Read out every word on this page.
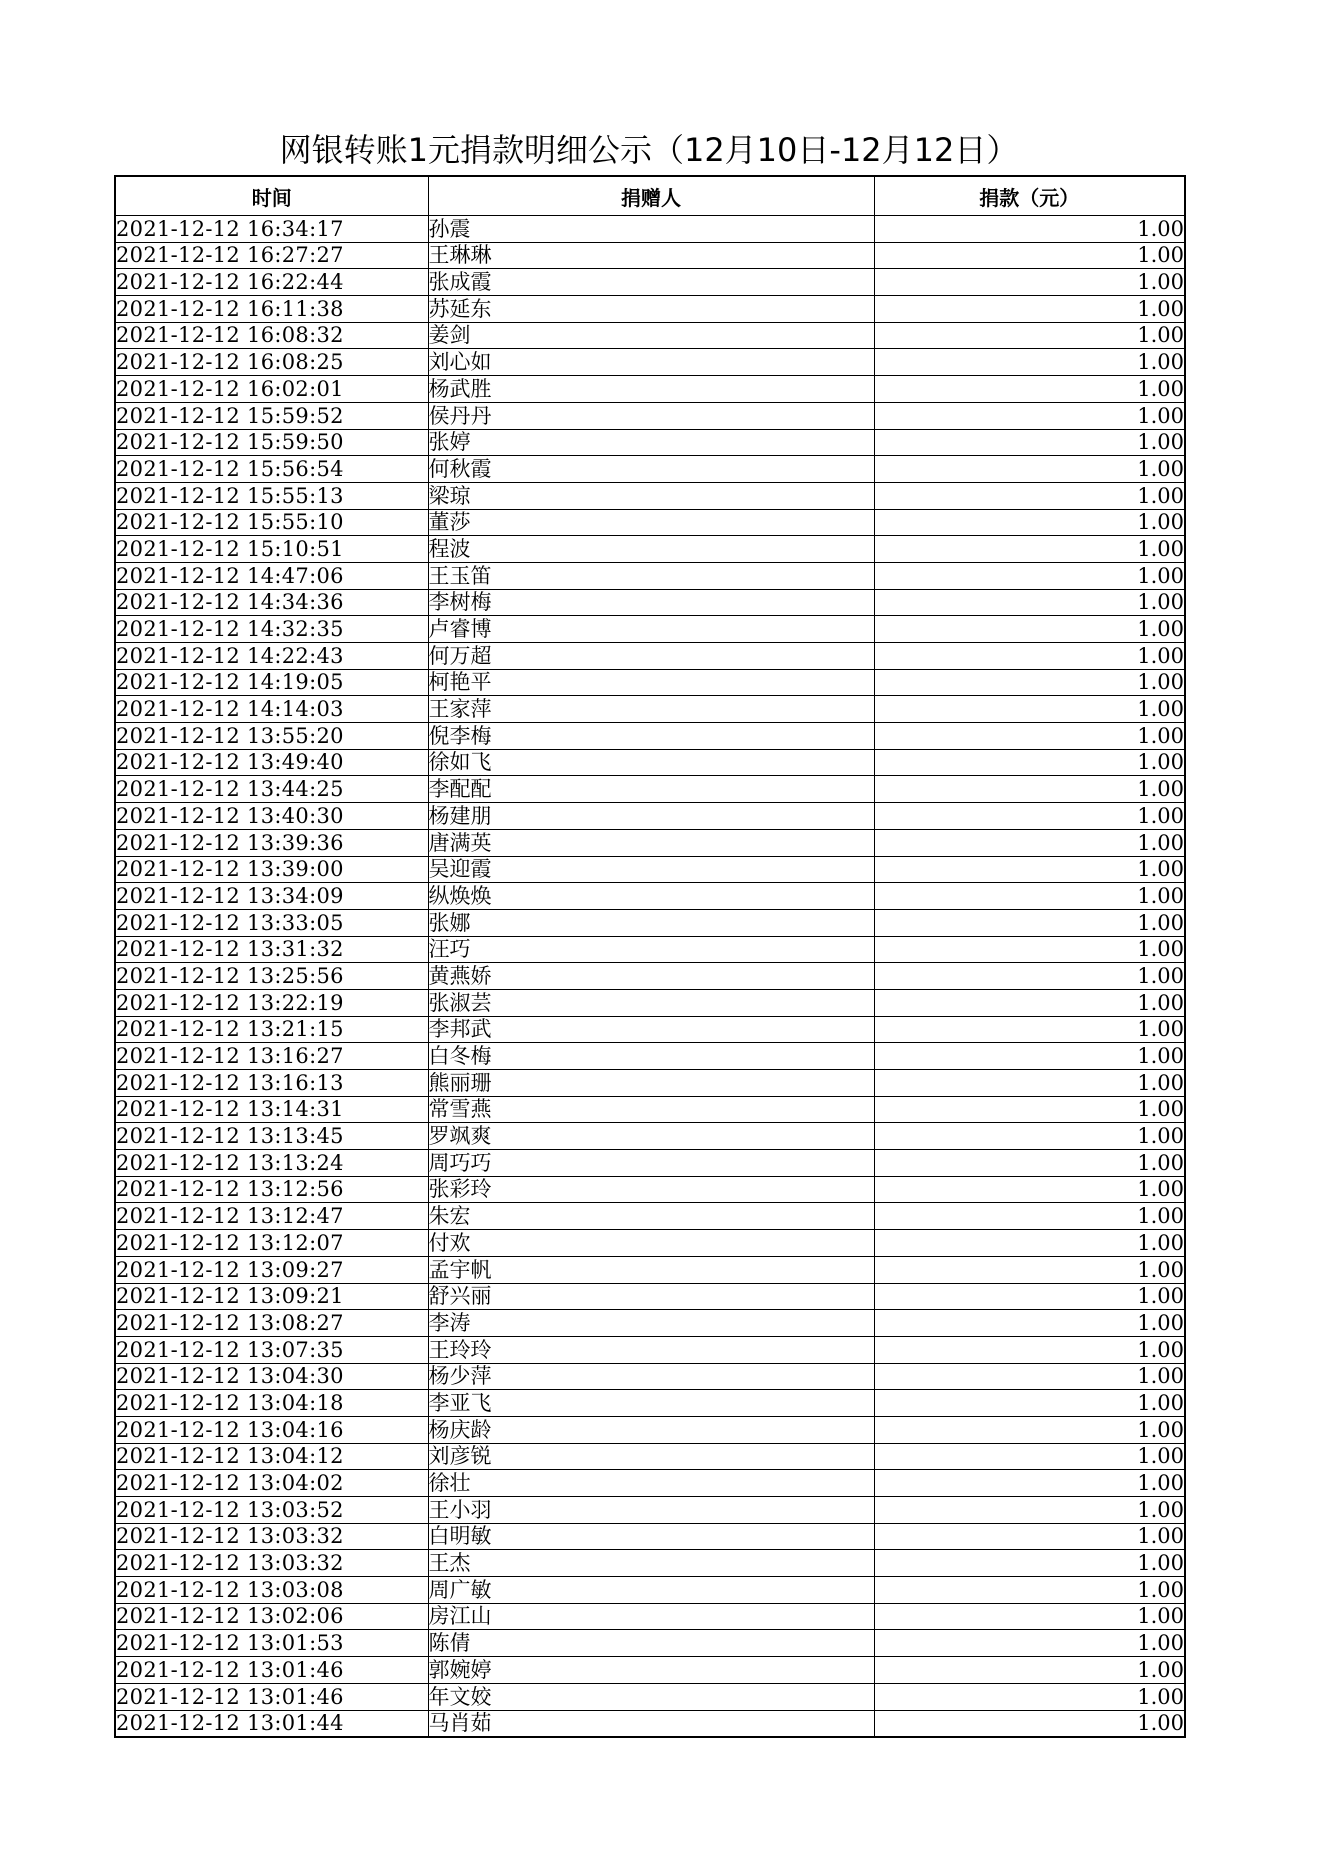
网银转账1元捐款明细公示（12月10日-12月12日）
时间	捐赠人	捐款（元）
2021-12-12 16:34:17	孙震	1.00
2021-12-12 16:27:27	王琳琳	1.00
2021-12-12 16:22:44	张成霞	1.00
2021-12-12 16:11:38	苏延东	1.00
2021-12-12 16:08:32	姜剑	1.00
2021-12-12 16:08:25	刘心如	1.00
2021-12-12 16:02:01	杨武胜	1.00
2021-12-12 15:59:52	侯丹丹	1.00
2021-12-12 15:59:50	张婷	1.00
2021-12-12 15:56:54	何秋霞	1.00
2021-12-12 15:55:13	梁琼	1.00
2021-12-12 15:55:10	董莎	1.00
2021-12-12 15:10:51	程波	1.00
2021-12-12 14:47:06	王玉笛	1.00
2021-12-12 14:34:36	李树梅	1.00
2021-12-12 14:32:35	卢睿博	1.00
2021-12-12 14:22:43	何万超	1.00
2021-12-12 14:19:05	柯艳平	1.00
2021-12-12 14:14:03	王家萍	1.00
2021-12-12 13:55:20	倪李梅	1.00
2021-12-12 13:49:40	徐如飞	1.00
2021-12-12 13:44:25	李配配	1.00
2021-12-12 13:40:30	杨建朋	1.00
2021-12-12 13:39:36	唐满英	1.00
2021-12-12 13:39:00	吴迎霞	1.00
2021-12-12 13:34:09	纵焕焕	1.00
2021-12-12 13:33:05	张娜	1.00
2021-12-12 13:31:32	汪巧	1.00
2021-12-12 13:25:56	黄燕娇	1.00
2021-12-12 13:22:19	张淑芸	1.00
2021-12-12 13:21:15	李邦武	1.00
2021-12-12 13:16:27	白冬梅	1.00
2021-12-12 13:16:13	熊丽珊	1.00
2021-12-12 13:14:31	常雪燕	1.00
2021-12-12 13:13:45	罗飒爽	1.00
2021-12-12 13:13:24	周巧巧	1.00
2021-12-12 13:12:56	张彩玲	1.00
2021-12-12 13:12:47	朱宏	1.00
2021-12-12 13:12:07	付欢	1.00
2021-12-12 13:09:27	孟宇帆	1.00
2021-12-12 13:09:21	舒兴丽	1.00
2021-12-12 13:08:27	李涛	1.00
2021-12-12 13:07:35	王玲玲	1.00
2021-12-12 13:04:30	杨少萍	1.00
2021-12-12 13:04:18	李亚飞	1.00
2021-12-12 13:04:16	杨庆龄	1.00
2021-12-12 13:04:12	刘彦锐	1.00
2021-12-12 13:04:02	徐壮	1.00
2021-12-12 13:03:52	王小羽	1.00
2021-12-12 13:03:32	白明敏	1.00
2021-12-12 13:03:32	王杰	1.00
2021-12-12 13:03:08	周广敏	1.00
2021-12-12 13:02:06	房江山	1.00
2021-12-12 13:01:53	陈倩	1.00
2021-12-12 13:01:46	郭婉婷	1.00
2021-12-12 13:01:46	年文姣	1.00
2021-12-12 13:01:44	马肖茹	1.00
